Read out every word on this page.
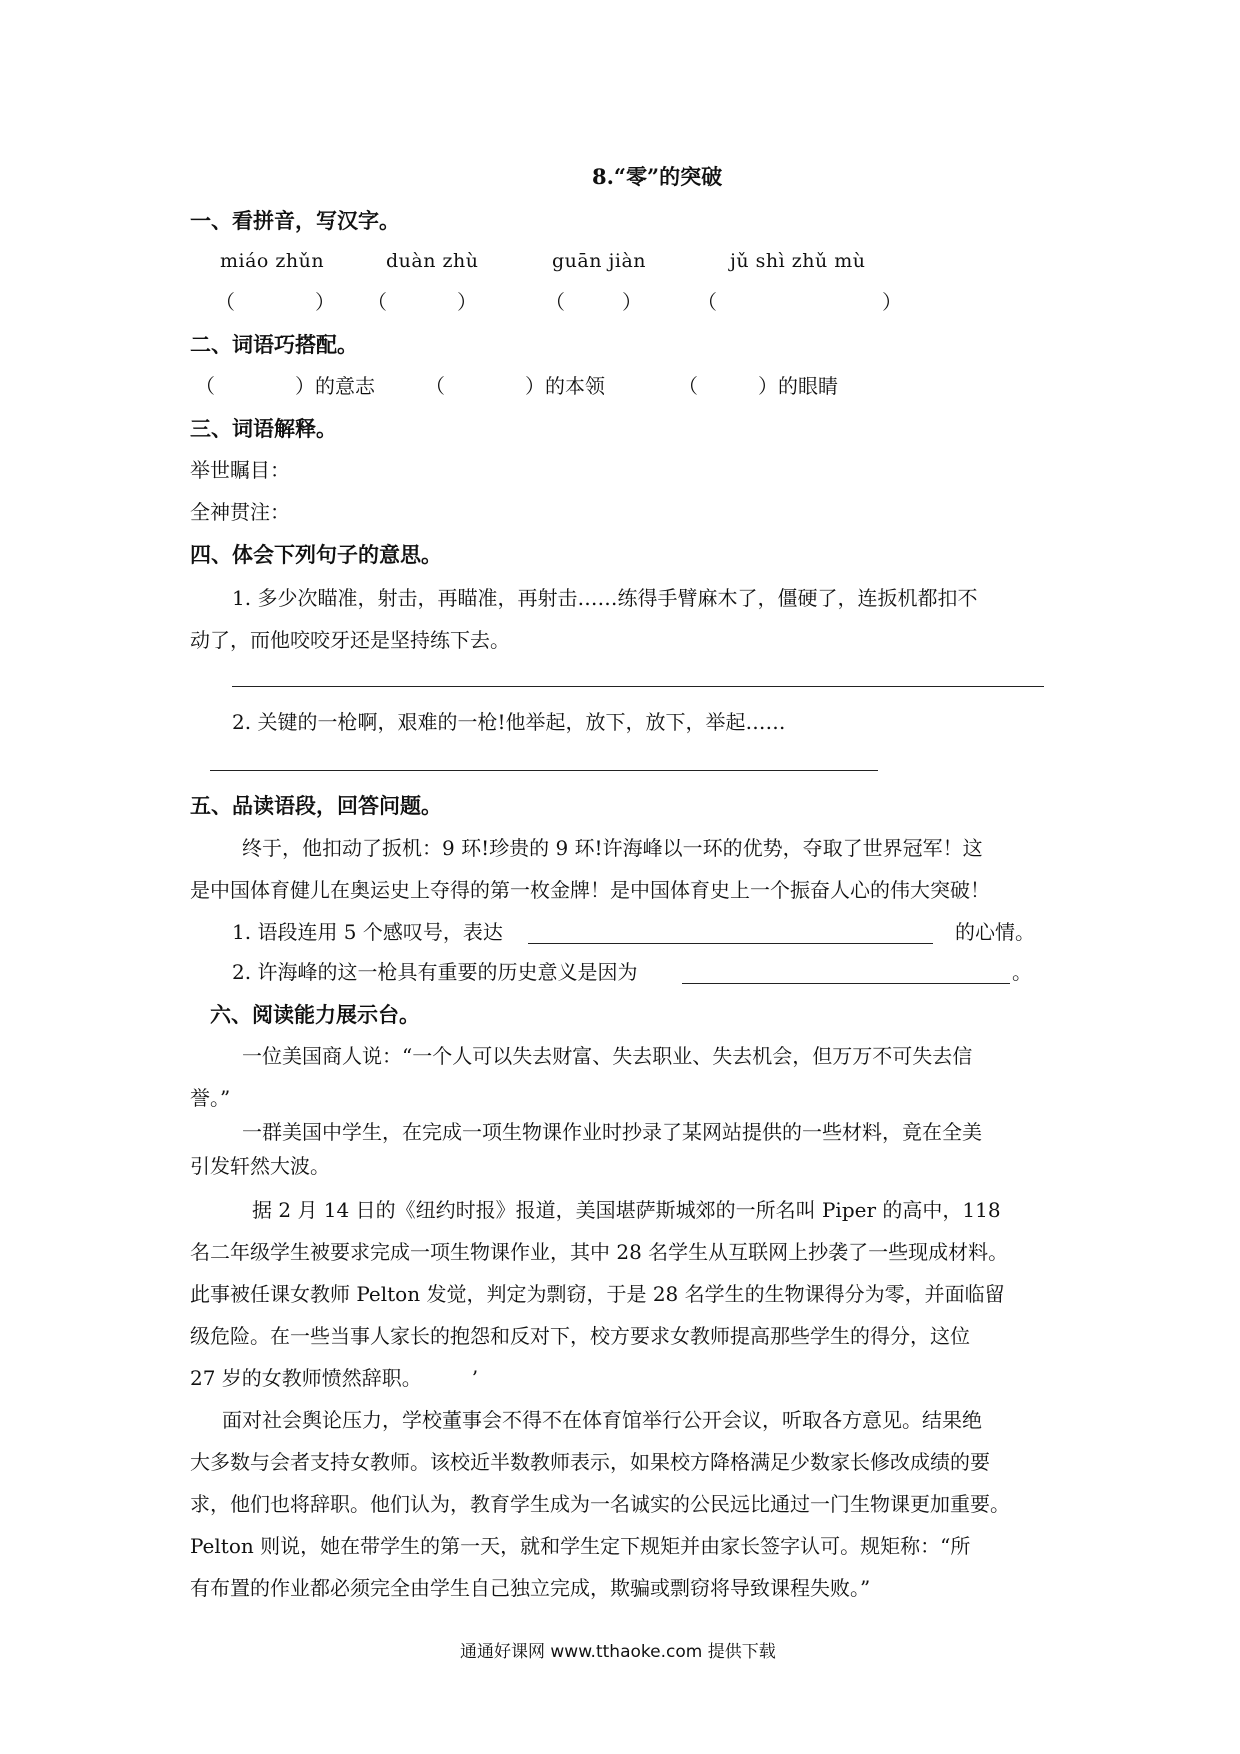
8.“零”的突破
一、看拼音，写汉字。
miáo zhǔn	duàn zhù	guān jiàn	jǔ shì zhǔ mù
（	） （	）	（	）	（	）
二、词语巧搭配。
（　　　　）的意志	（　　　　）的本领	（　　　）的眼睛
三、词语解释。
举世瞩目：
全神贯注：
四、体会下列句子的意思。
1. 多少次瞄准，射击，再瞄准，再射击……练得手臂麻木了，僵硬了，连扳机都扣不
动了，而他咬咬牙还是坚持练下去。
2. 关键的一枪啊，艰难的一枪!他举起，放下，放下，举起……
五、品读语段，回答问题。
终于，他扣动了扳机：9 环!珍贵的 9 环!许海峰以一环的优势，夺取了世界冠军！这
是中国体育健儿在奥运史上夺得的第一枚金牌！是中国体育史上一个振奋人心的伟大突破！
1. 语段连用 5 个感叹号，表达	的心情。
2. 许海峰的这一枪具有重要的历史意义是因为	。
六、阅读能力展示台。
一位美国商人说：“一个人可以失去财富、失去职业、失去机会，但万万不可失去信
誉。”
一群美国中学生，在完成一项生物课作业时抄录了某网站提供的一些材料，竟在全美
引发轩然大波。
据 2 月 14 日的《纽约时报》报道，美国堪萨斯城郊的一所名叫 Piper 的高中，118
名二年级学生被要求完成一项生物课作业，其中 28 名学生从互联网上抄袭了一些现成材料。
此事被任课女教师 Pelton 发觉，判定为剽窃，于是 28 名学生的生物课得分为零，并面临留
级危险。在一些当事人家长的抱怨和反对下，校方要求女教师提高那些学生的得分，这位
27 岁的女教师愤然辞职。　　　’
面对社会舆论压力，学校董事会不得不在体育馆举行公开会议，听取各方意见。结果绝
大多数与会者支持女教师。该校近半数教师表示，如果校方降格满足少数家长修改成绩的要
求，他们也将辞职。他们认为，教育学生成为一名诚实的公民远比通过一门生物课更加重要。
Pelton 则说，她在带学生的第一天，就和学生定下规矩并由家长签字认可。规矩称：“所
有布置的作业都必须完全由学生自己独立完成，欺骗或剽窃将导致课程失败。”
通通好课网 www.tthaoke.com 提供下载
